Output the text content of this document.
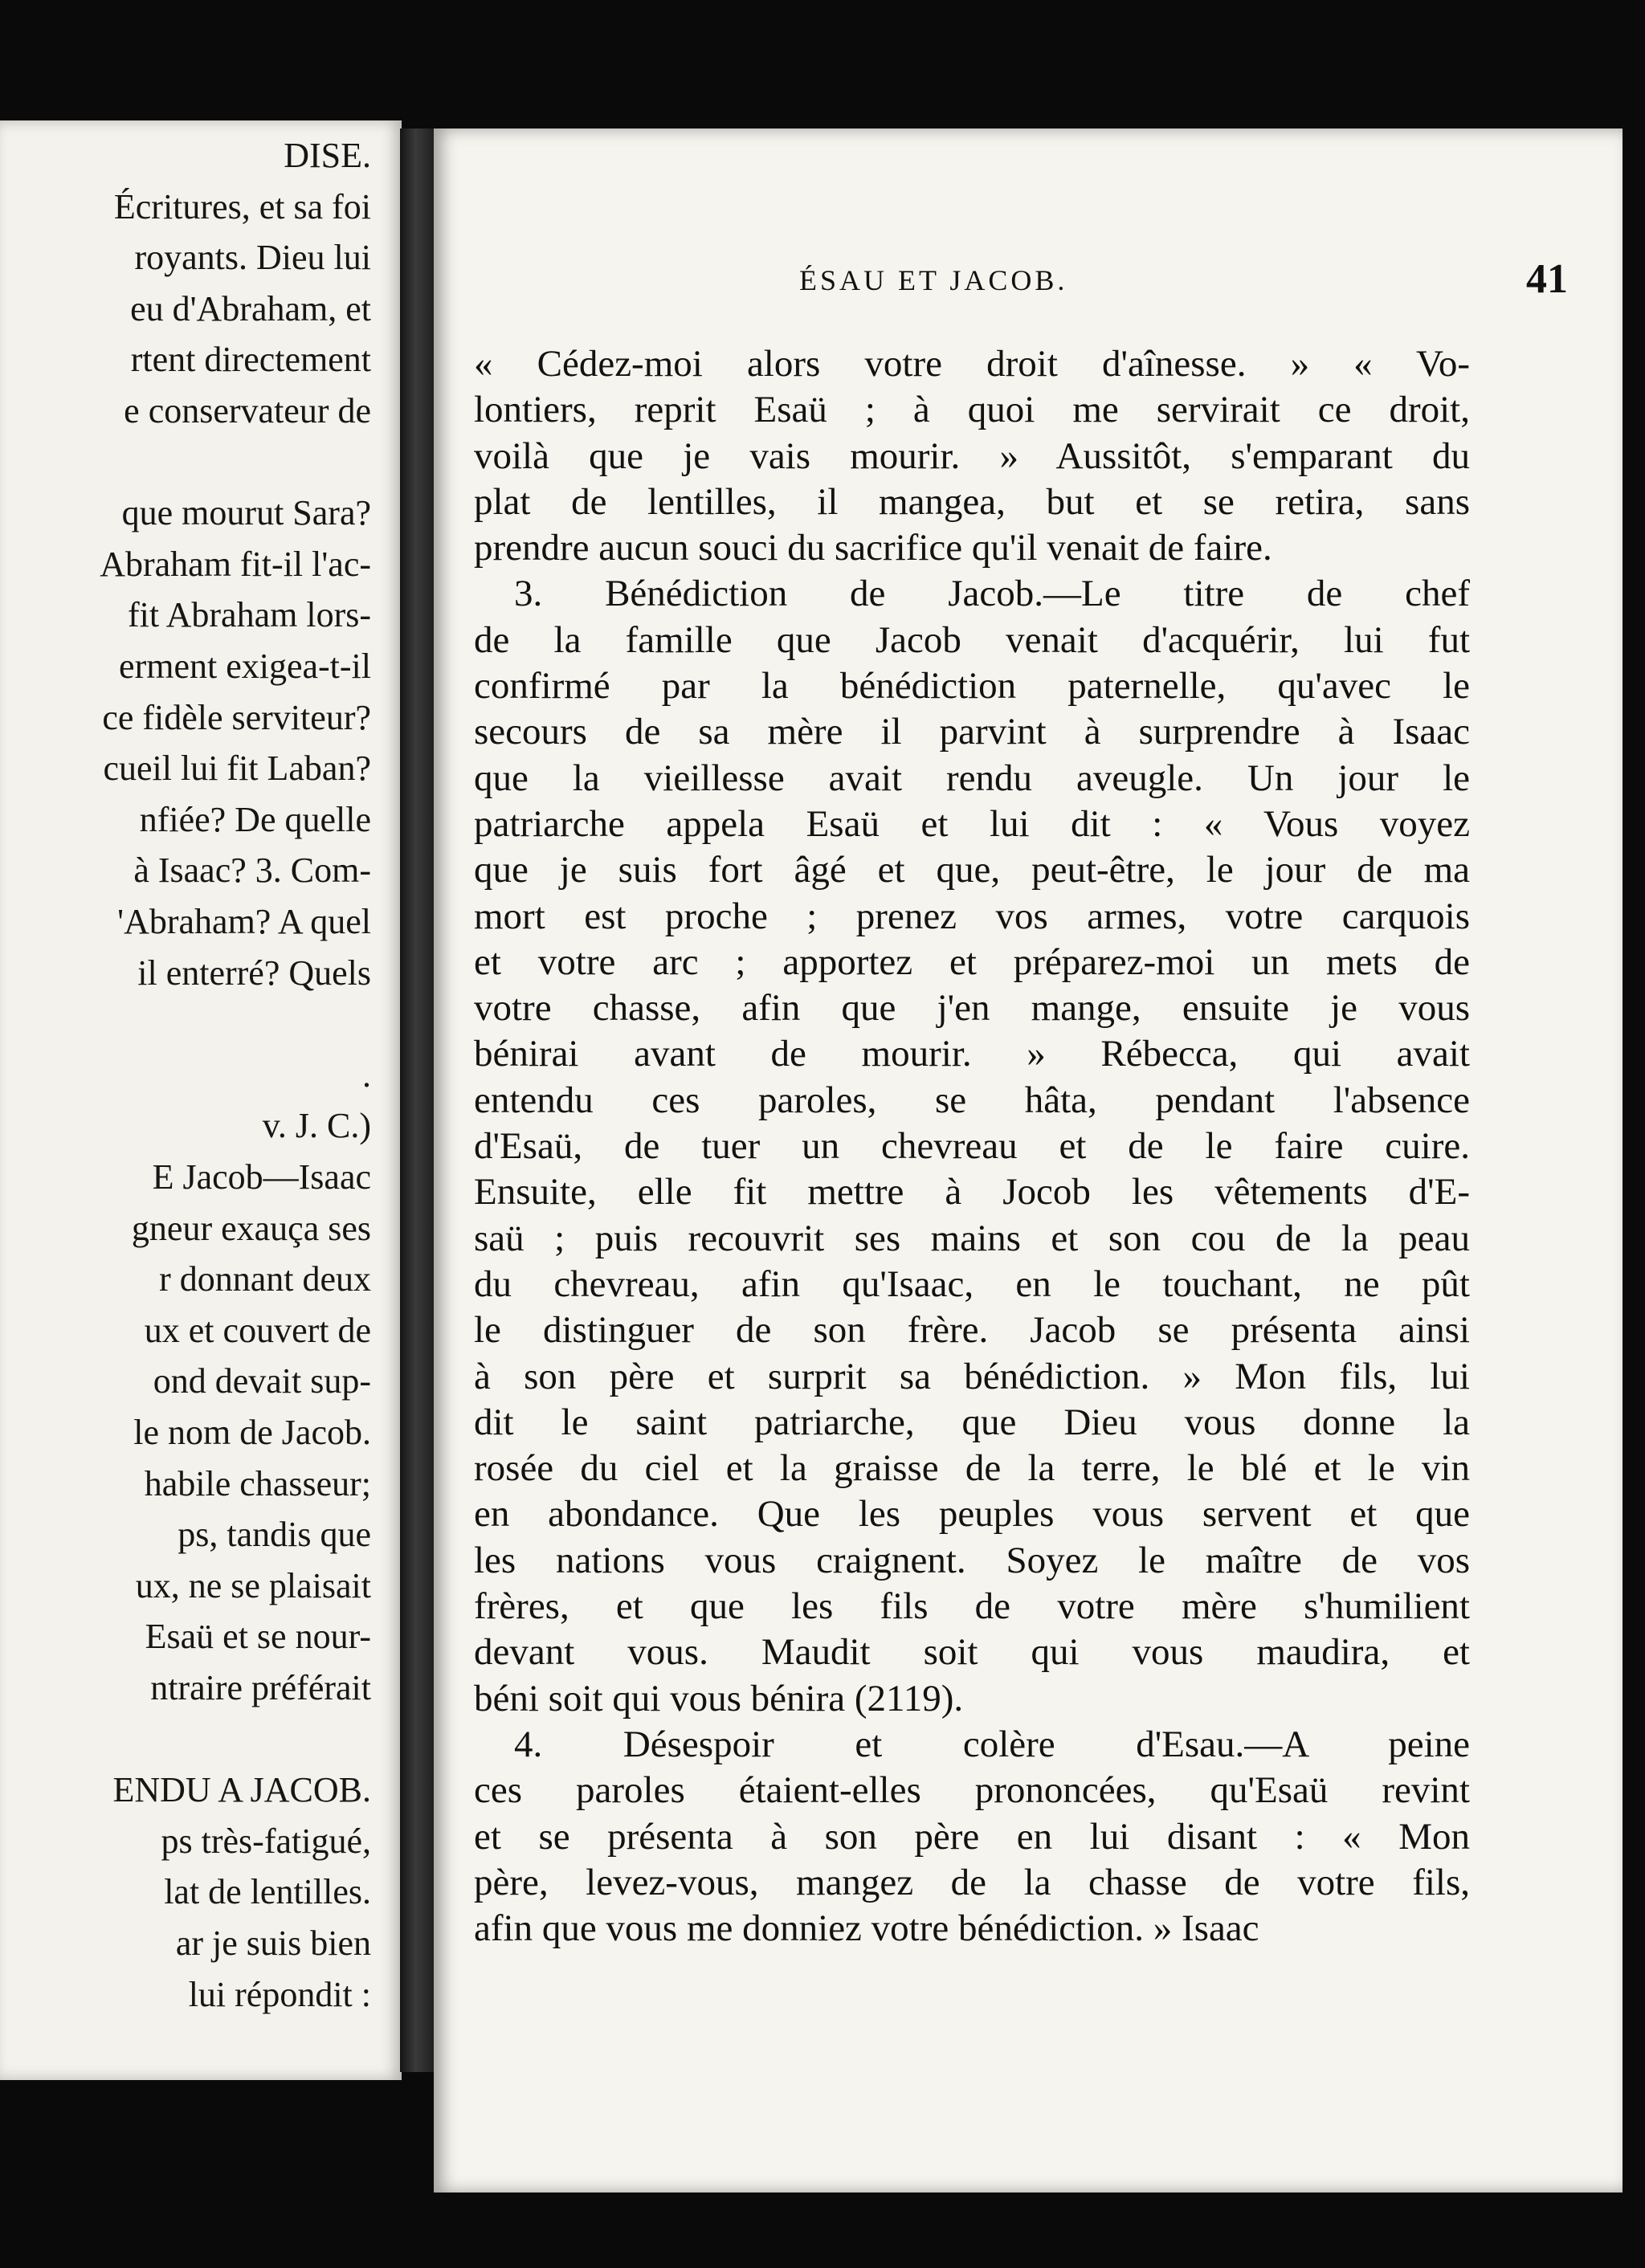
DISE.
Écritures, et sa foi
royants. Dieu lui
eu d'Abraham, et
rtent directement
e conservateur de
que mourut Sara?
Abraham fit-il l'ac-
fit Abraham lors-
erment exigea-t-il
ce fidèle serviteur?
cueil lui fit Laban?
nfiée? De quelle
à Isaac? 3. Com-
'Abraham? A quel
il enterré? Quels
.
v. J. C.)
E Jacob—Isaac
gneur exauça ses
r donnant deux
ux et couvert de
ond devait sup-
le nom de Jacob.
habile chasseur;
ps, tandis que
ux, ne se plaisait
Esaü et se nour-
ntraire préférait
ENDU A JACOB.
ps très-fatigué,
lat de lentilles.
ar je suis bien
lui répondit :
ÉSAU ET JACOB.	41
« Cédez-moi alors votre droit d'aînesse. » « Vo-
lontiers, reprit Esaü ; à quoi me servirait ce droit,
voilà que je vais mourir. » Aussitôt, s'emparant du
plat de lentilles, il mangea, but et se retira, sans
prendre aucun souci du sacrifice qu'il venait de faire.
3. Bénédiction de Jacob.—Le titre de chef
de la famille que Jacob venait d'acquérir, lui fut
confirmé par la bénédiction paternelle, qu'avec le
secours de sa mère il parvint à surprendre à Isaac
que la vieillesse avait rendu aveugle. Un jour le
patriarche appela Esaü et lui dit : « Vous voyez
que je suis fort âgé et que, peut-être, le jour de ma
mort est proche ; prenez vos armes, votre carquois
et votre arc ; apportez et préparez-moi un mets de
votre chasse, afin que j'en mange, ensuite je vous
bénirai avant de mourir. » Rébecca, qui avait
entendu ces paroles, se hâta, pendant l'absence
d'Esaü, de tuer un chevreau et de le faire cuire.
Ensuite, elle fit mettre à Jocob les vêtements d'E-
saü ; puis recouvrit ses mains et son cou de la peau
du chevreau, afin qu'Isaac, en le touchant, ne pût
le distinguer de son frère. Jacob se présenta ainsi
à son père et surprit sa bénédiction. » Mon fils, lui
dit le saint patriarche, que Dieu vous donne la
rosée du ciel et la graisse de la terre, le blé et le vin
en abondance. Que les peuples vous servent et que
les nations vous craignent. Soyez le maître de vos
frères, et que les fils de votre mère s'humilient
devant vous. Maudit soit qui vous maudira, et
béni soit qui vous bénira (2119).
4. Désespoir et colère d'Esau.—A peine
ces paroles étaient-elles prononcées, qu'Esaü revint
et se présenta à son père en lui disant : « Mon
père, levez-vous, mangez de la chasse de votre fils,
afin que vous me donniez votre bénédiction. » Isaac
